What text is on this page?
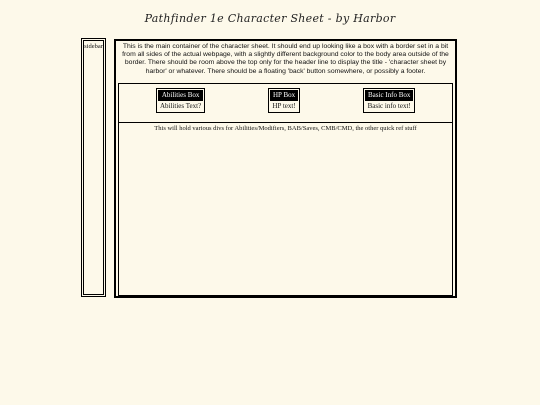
Pathfinder 1e Character Sheet - by Harbor
sidebar	This is the main container of the character sheet. It should end up looking like a box with a border set in a bit from all sides of the actual webpage, with a slightly different background color to the body area outside of the border. There should be room above the top only for the header line to display the title - 'character sheet by harbor' or whatever. There should be a floating 'back' button somewhere, or possibly a footer.
Abilities Box
Abilities Text?
HP Box
HP text!
Basic Info Box
Basic info text!
This will hold various divs for Abilities/Modifiers, BAB/Saves, CMB/CMD, the other quick ref stuff
